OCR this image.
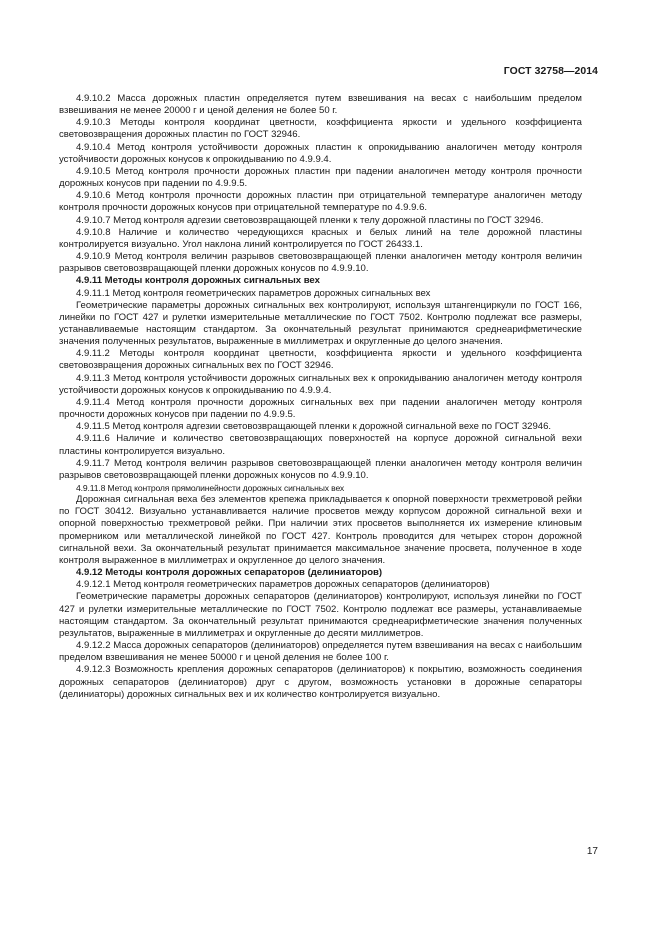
ГОСТ 32758—2014

4.9.10.2 Масса дорожных пластин определяется путем взвешивания на весах с наибольшим пределом взвешивания не менее 20000 г и ценой деления не более 50 г.

4.9.10.3 Методы контроля координат цветности, коэффициента яркости и удельного коэффициента световозвращения дорожных пластин по ГОСТ 32946.

4.9.10.4 Метод контроля устойчивости дорожных пластин к опрокидыванию аналогичен методу контроля устойчивости дорожных конусов к опрокидыванию по 4.9.9.4.

4.9.10.5 Метод контроля прочности дорожных пластин при падении аналогичен методу контроля прочности дорожных конусов при падении по 4.9.9.5.

4.9.10.6 Метод контроля прочности дорожных пластин при отрицательной температуре аналогичен методу контроля прочности дорожных конусов при отрицательной температуре по 4.9.9.6.

4.9.10.7 Метод контроля адгезии световозвращающей пленки к телу дорожной пластины по ГОСТ 32946.

4.9.10.8 Наличие и количество чередующихся красных и белых линий на теле дорожной пластины контролируется визуально. Угол наклона линий контролируется по ГОСТ 26433.1.

4.9.10.9 Метод контроля величин разрывов световозвращающей пленки аналогичен методу контроля величин разрывов световозвращающей пленки дорожных конусов по 4.9.9.10.

4.9.11 Методы контроля дорожных сигнальных вех

4.9.11.1 Метод контроля геометрических параметров дорожных сигнальных вех

Геометрические параметры дорожных сигнальных вех контролируют, используя штангенциркули по ГОСТ 166, линейки по ГОСТ 427 и рулетки измерительные металлические по ГОСТ 7502. Контролю подлежат все размеры, устанавливаемые настоящим стандартом. За окончательный результат принимаются среднеарифметические значения полученных результатов, выраженные в миллиметрах и округленные до целого значения.

4.9.11.2 Методы контроля координат цветности, коэффициента яркости и удельного коэффициента световозвращения дорожных сигнальных вех по ГОСТ 32946.

4.9.11.3 Метод контроля устойчивости дорожных сигнальных вех к опрокидыванию аналогичен методу контроля устойчивости дорожных конусов к опрокидыванию по 4.9.9.4.

4.9.11.4 Метод контроля прочности дорожных сигнальных вех при падении аналогичен методу контроля прочности дорожных конусов при падении по 4.9.9.5.

4.9.11.5 Метод контроля адгезии световозвращающей пленки к дорожной сигнальной вехе по ГОСТ 32946.

4.9.11.6 Наличие и количество световозвращающих поверхностей на корпусе дорожной сигнальной вехи пластины контролируется визуально.

4.9.11.7 Метод контроля величин разрывов световозвращающей пленки аналогичен методу контроля величин разрывов световозвращающей пленки дорожных конусов по 4.9.9.10.

4.9.11.8 Метод контроля прямолинейности дорожных сигнальных вех

Дорожная сигнальная веха без элементов крепежа прикладывается к опорной поверхности трехметровой рейки по ГОСТ 30412. Визуально устанавливается наличие просветов между корпусом дорожной сигнальной вехи и опорной поверхностью трехметровой рейки. При наличии этих просветов выполняется их измерение клиновым промерником или металлической линейкой по ГОСТ 427. Контроль проводится для четырех сторон дорожной сигнальной вехи. За окончательный результат принимается максимальное значение просвета, полученное в ходе контроля выраженное в миллиметрах и округленное до целого значения.

4.9.12 Методы контроля дорожных сепараторов (делиниаторов)

4.9.12.1 Метод контроля геометрических параметров дорожных сепараторов (делиниаторов)

Геометрические параметры дорожных сепараторов (делиниаторов) контролируют, используя линейки по ГОСТ 427 и рулетки измерительные металлические по ГОСТ 7502. Контролю подлежат все размеры, устанавливаемые настоящим стандартом. За окончательный результат принимаются среднеарифметические значения полученных результатов, выраженные в миллиметрах и округленные до десяти миллиметров.

4.9.12.2 Масса дорожных сепараторов (делиниаторов) определяется путем взвешивания на весах с наибольшим пределом взвешивания не менее 50000 г и ценой деления не более 100 г.

4.9.12.3 Возможность крепления дорожных сепараторов (делиниаторов) к покрытию, возможность соединения дорожных сепараторов (делиниаторов) друг с другом, возможность установки в дорожные сепараторы (делиниаторы) дорожных сигнальных вех и их количество контролируется визуально.

17
